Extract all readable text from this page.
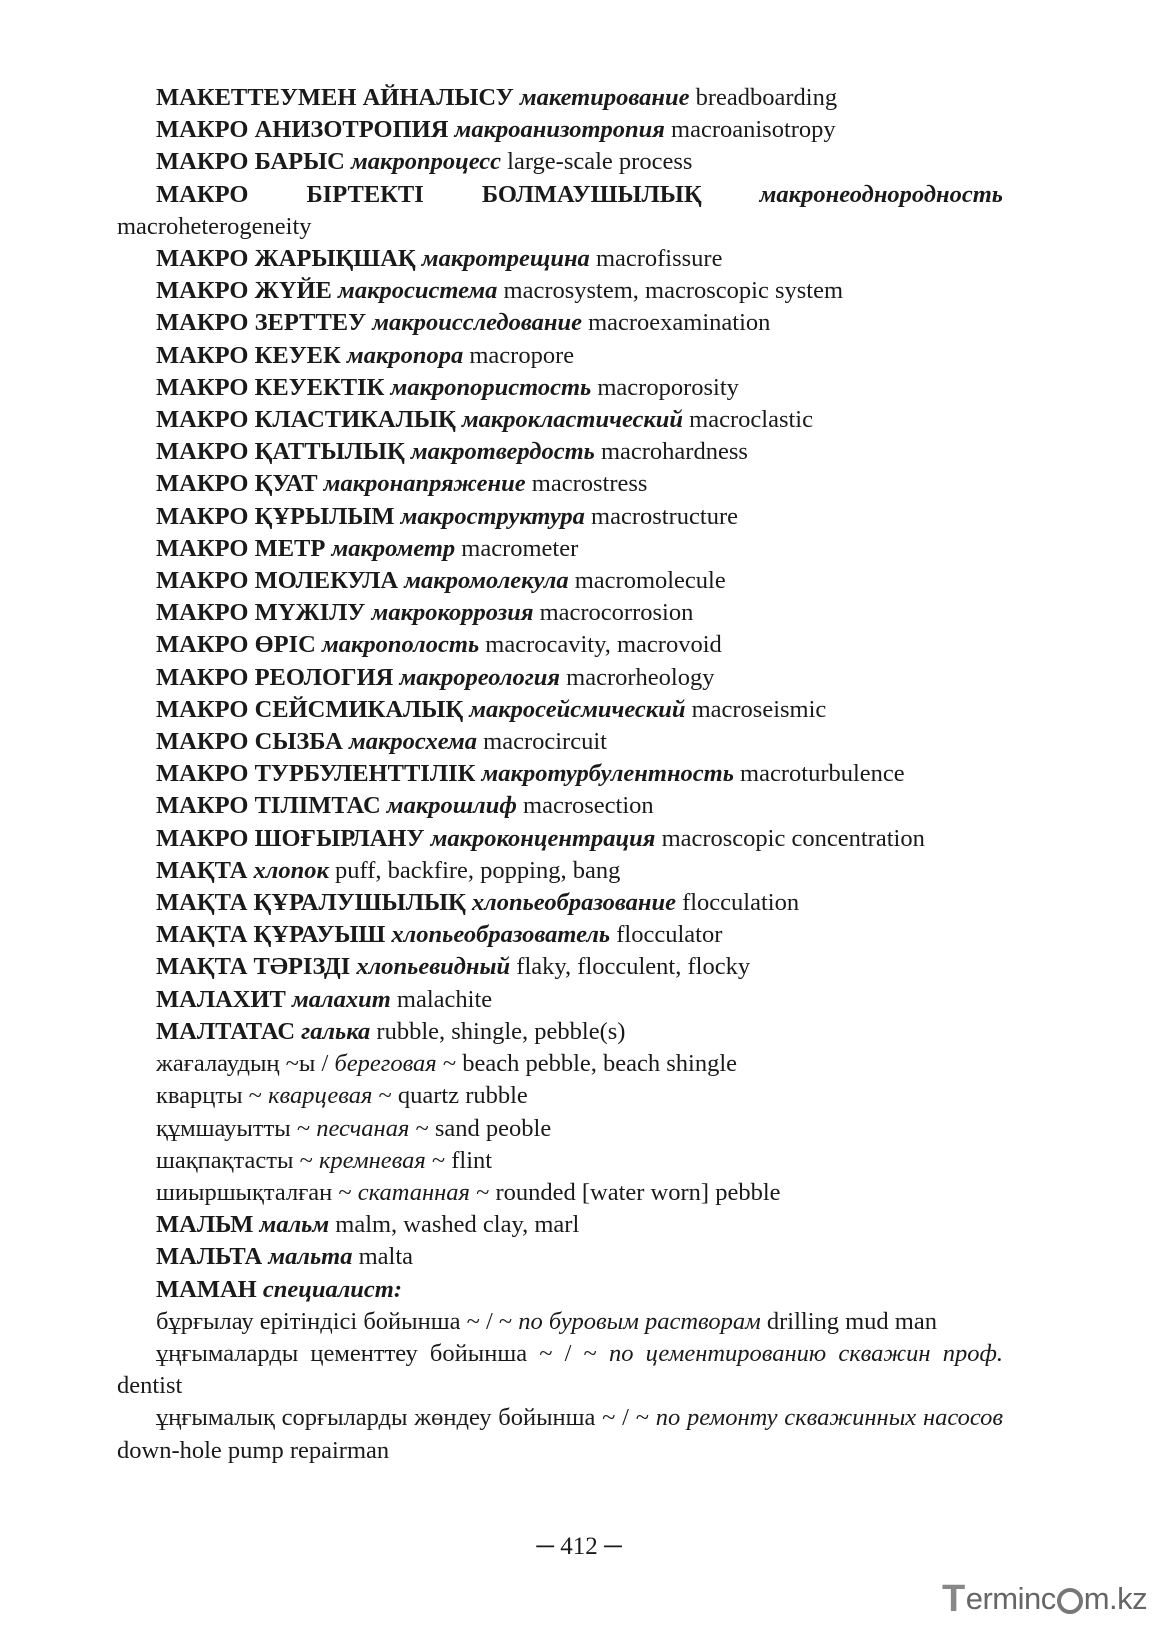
МАКЕТТЕУМЕН АЙНАЛЫСУ макетирование breadboarding
МАКРО АНИЗОТРОПИЯ макроанизотропия macroanisotropy
МАКРО БАРЫС макропроцесс large-scale process
МАКРО БІРТЕКТІ БОЛМАУШЫЛЫҚ макронеоднородность macroheterogeneity
МАКРО ЖАРЫҚШАҚ макротрещина macrofissure
МАКРО ЖҮЙЕ макросистема macrosystem, macroscopic system
МАКРО ЗЕРТТЕУ макроисследование macroexamination
МАКРО КЕУЕК макропора macropore
МАКРО КЕУЕКТІК макропористость macroporosity
МАКРО КЛАСТИКАЛЫҚ макрокластический macroclastic
МАКРО ҚАТТЫЛЫҚ макротвердость macrohardness
МАКРО ҚУАТ макронапряжение macrostress
МАКРО ҚҰРЫЛЫМ макроструктура macrostructure
МАКРО МЕТР макрометр macrometer
МАКРО МОЛЕКУЛА макромолекула macromolecule
МАКРО МҮЖІЛУ макрокоррозия macrocorrosion
МАКРО ӨРІС макрополость macrocavity, macrovoid
МАКРО РЕОЛОГИЯ макрореология macrorheology
МАКРО СЕЙСМИКАЛЫҚ макросейсмический macroseismic
МАКРО СЫЗБА макросхема macrocircuit
МАКРО ТУРБУЛЕНТТІЛІК макротурбулентность macroturbulence
МАКРО ТІЛІМТАС макрошлиф macrosection
МАКРО ШОҒЫРЛАНУ макроконцентрация macroscopic concentration
МАҚТА хлопок puff, backfire, popping, bang
МАҚТА ҚҰРАЛУШЫЛЫҚ хлопьеобразование flocculation
МАҚТА ҚҰРАУЫШ хлопьеобразователь flocculator
МАҚТА ТӘРІЗДІ хлопьевидный flaky, flocculent, flocky
МАЛАХИТ малахит malachite
МАЛТАТАС галька rubble, shingle, pebble(s)
жағалаудың ~ы / береговая ~ beach pebble, beach shingle
кварцты ~ кварцевая ~ quartz rubble
құмшауытты ~ песчаная ~ sand peoble
шақпақтасты ~ кремневая ~ flint
шиыршықталған ~ скатанная ~ rounded [water worn] pebble
МАЛЬМ мальм malm, washed clay, marl
МАЛЬТА мальта malta
МАМАН специалист:
бұрғылау ерітіндісі бойынша ~ / ~ по буровым растворам drilling mud man
ұңғымаларды цементтеу бойынша ~ / ~ по цементированию скважин проф. dentist
ұңғымалық сорғыларды жөндеу бойынша ~ / ~ по ремонту скважинных насосов down-hole pump repairman
─ 412 ─
T ermin c m.kz
